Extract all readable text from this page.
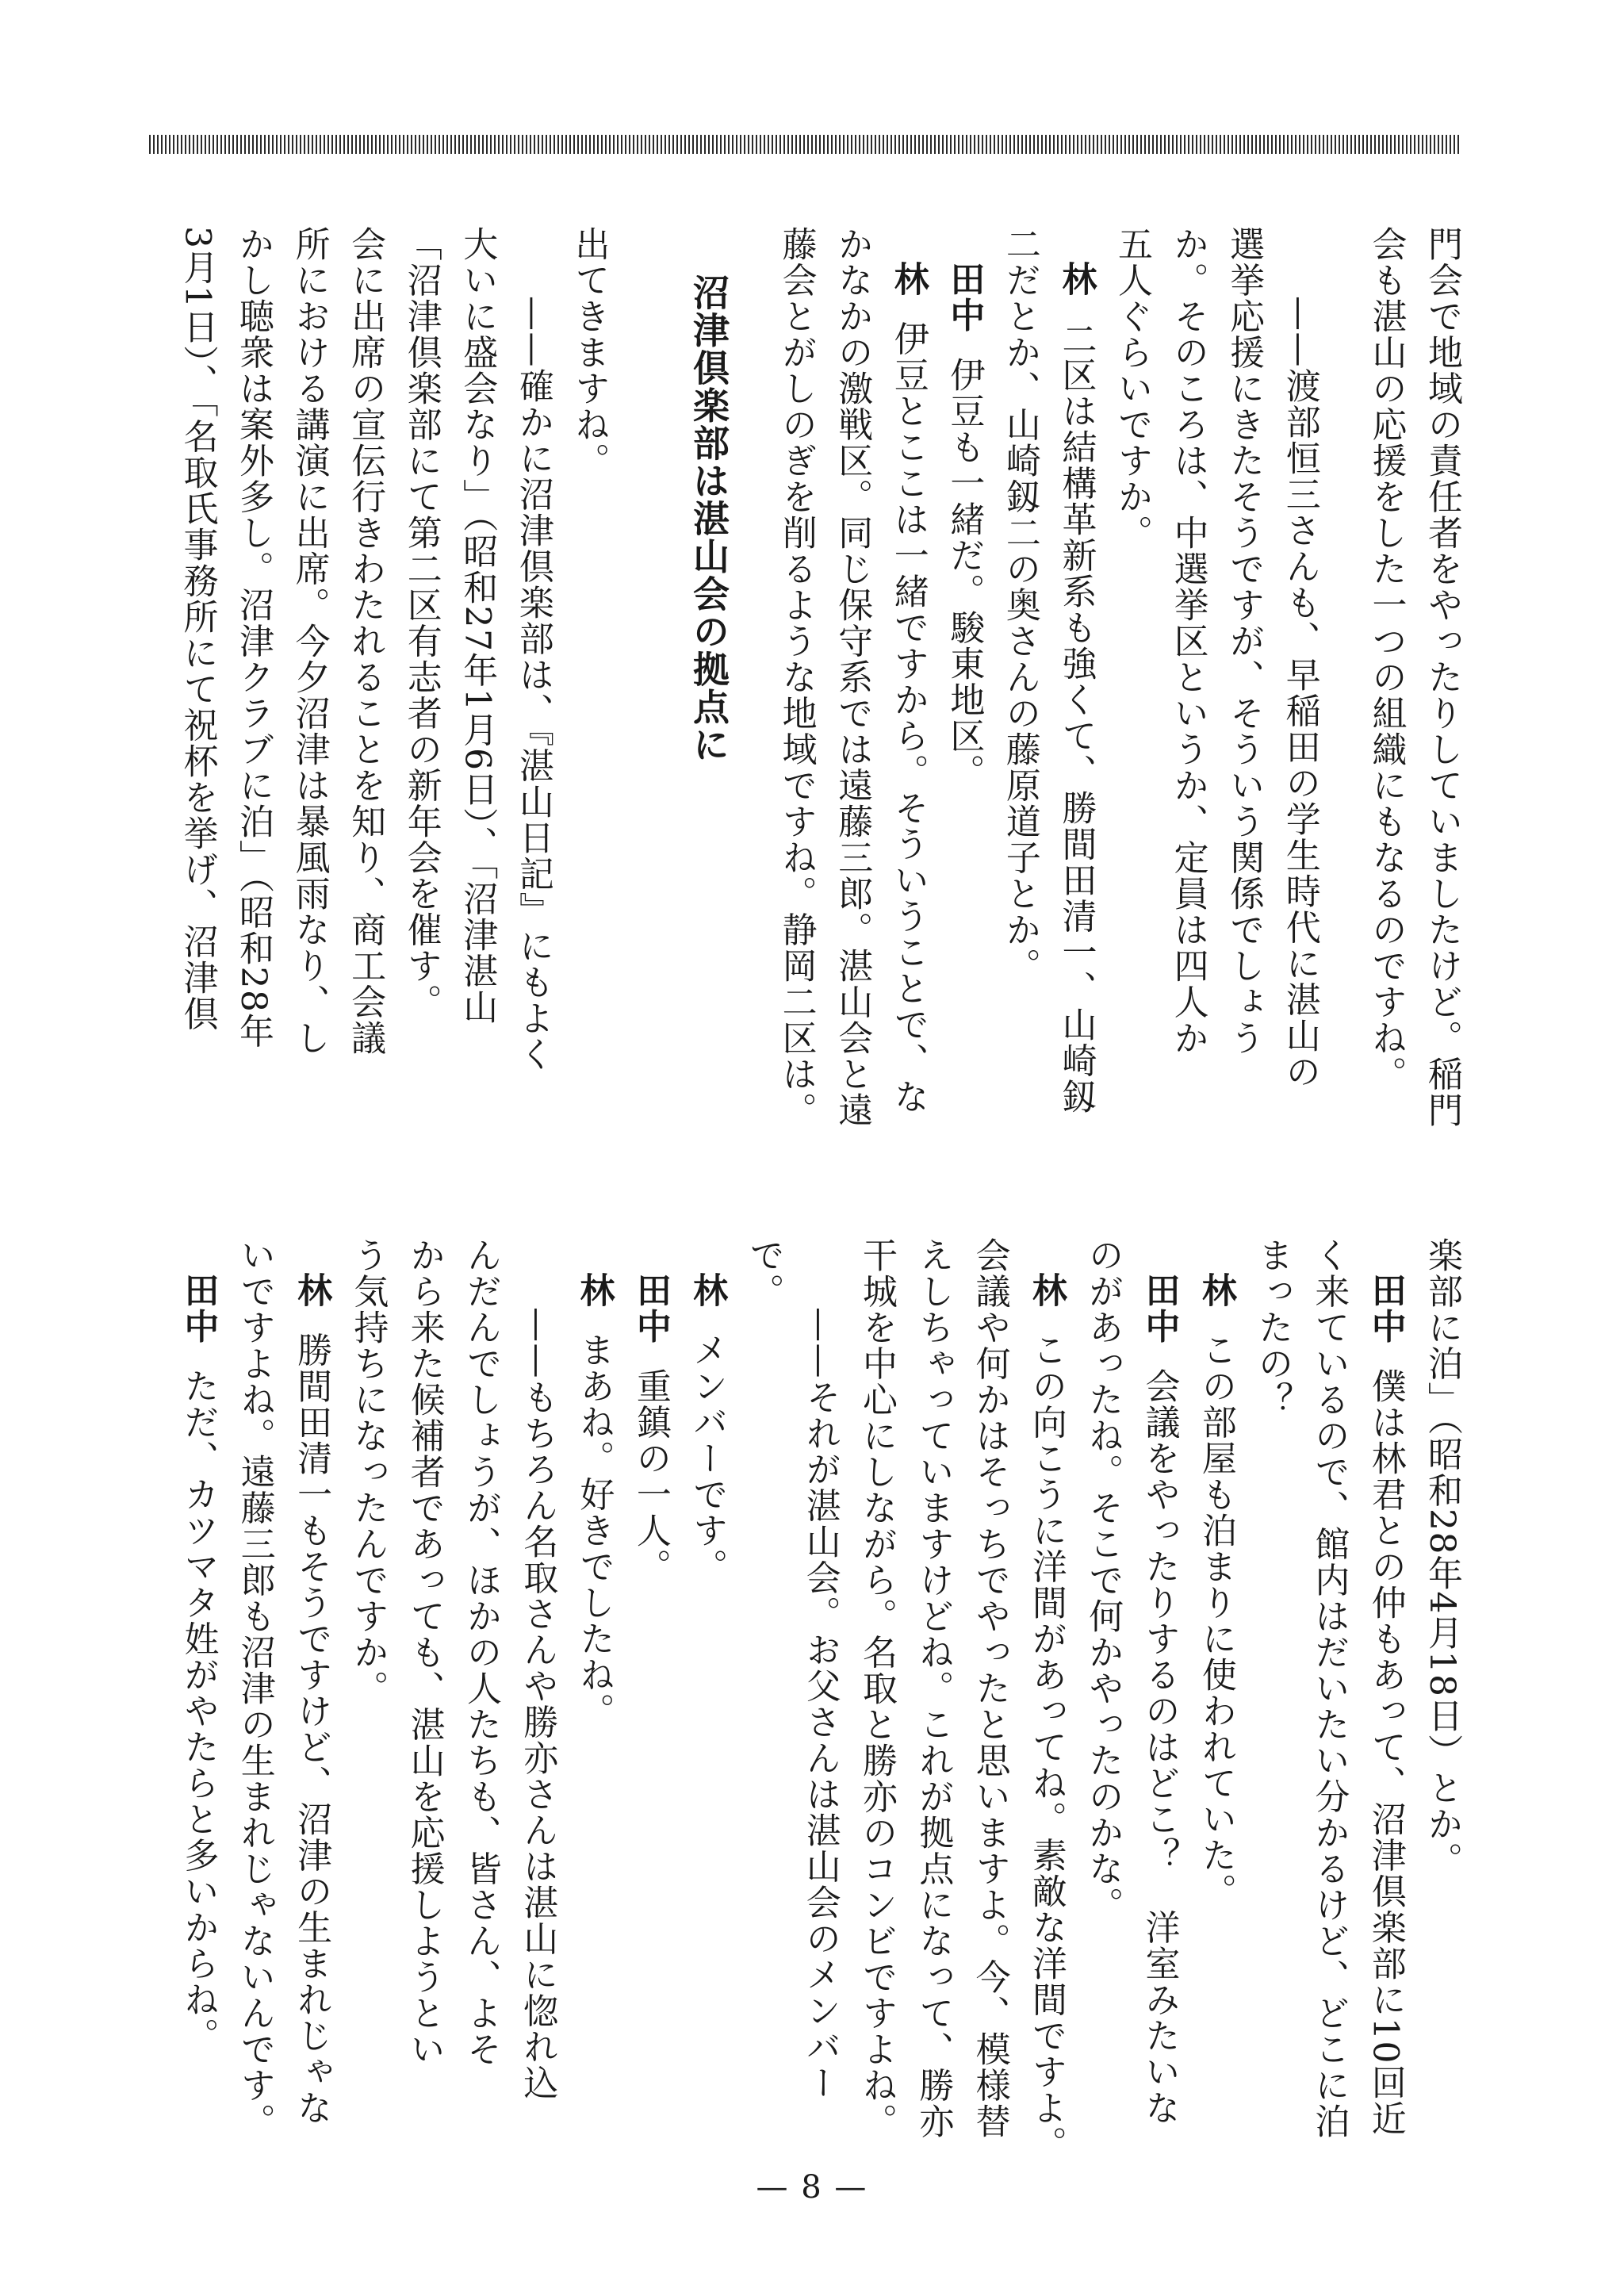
門会で地域の責任者をやったりしていましたけど。稲門
会も湛山の応援をした一つの組織にもなるのですね。
——渡部恒三さんも、早稲田の学生時代に湛山の
選挙応援にきたそうですが、そういう関係でしょう
か。そのころは、中選挙区というか、定員は四人か
五人ぐらいですか。
林二区は結構革新系も強くて、勝間田清一、山崎釼
二だとか、山崎釼二の奥さんの藤原道子とか。
田中伊豆も一緒だ。駿東地区。
林伊豆とここは一緒ですから。そういうことで、な
かなかの激戦区。同じ保守系では遠藤三郎。湛山会と遠
藤会とがしのぎを削るような地域ですね。静岡二区は。
沼津倶楽部は湛山会の拠点に
出てきますね。
——確かに沼津倶楽部は、『湛山日記』にもよく
大いに盛会なり」（昭和27年1月6日）、「沼津湛山
「沼津倶楽部にて第二区有志者の新年会を催す。
会に出席の宣伝行きわたれることを知り、商工会議
所における講演に出席。今夕沼津は暴風雨なり、し
かし聴衆は案外多し。沼津クラブに泊」（昭和28年
3月1日）、「名取氏事務所にて祝杯を挙げ、沼津倶
楽部に泊」（昭和28年4月18日）とか。
田中僕は林君との仲もあって、沼津倶楽部に10回近
く来ているので、館内はだいたい分かるけど、どこに泊
まったの？
林この部屋も泊まりに使われていた。
田中会議をやったりするのはどこ？　洋室みたいな
のがあったね。そこで何かやったのかな。
林この向こうに洋間があってね。素敵な洋間ですよ。
会議や何かはそっちでやったと思いますよ。今、模様替
えしちゃっていますけどね。これが拠点になって、勝亦
干城を中心にしながら。名取と勝亦のコンビですよね。
——それが湛山会。お父さんは湛山会のメンバー
で。
林メンバーです。
田中重鎮の一人。
林まあね。好きでしたね。
——もちろん名取さんや勝亦さんは湛山に惚れ込
んだんでしょうが、ほかの人たちも、皆さん、よそ
から来た候補者であっても、湛山を応援しようとい
う気持ちになったんですか。
林勝間田清一もそうですけど、沼津の生まれじゃな
いですよね。遠藤三郎も沼津の生まれじゃないんです。
田中ただ、カツマタ姓がやたらと多いからね。
— 8 —
